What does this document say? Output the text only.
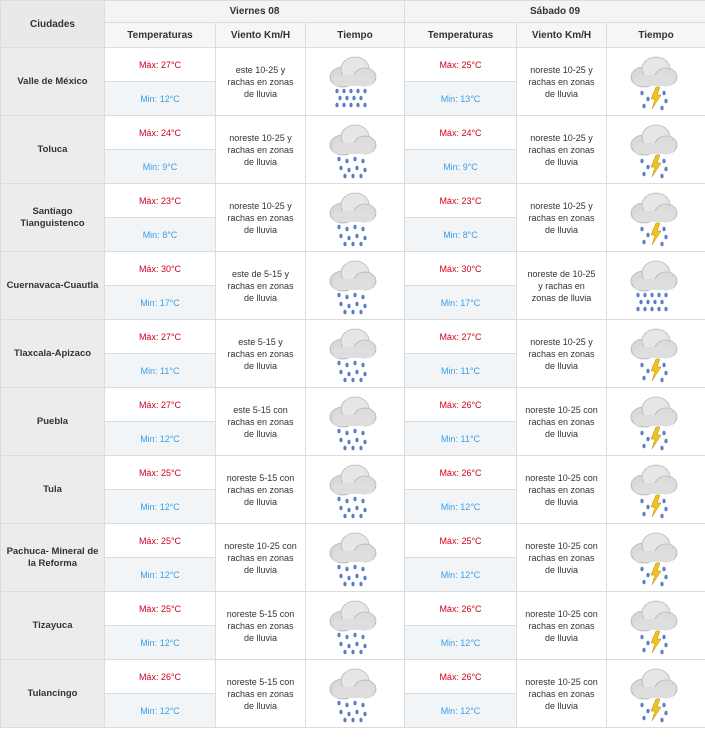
Ciudades	Viernes 08			Sábado 09		
	Temperaturas	Viento Km/H	Tiempo	Temperaturas	Viento Km/H	Tiempo
Valle de México	Máx: 27°C	este 10-25 y rachas en zonas de lluvia		Máx: 25°C	noreste 10-25 y rachas en zonas de lluvia	

	Min: 12°C			Min: 13°C		
Toluca	Máx: 24°C	noreste 10-25 y rachas en zonas de lluvia		Máx: 24°C	noreste 10-25 y rachas en zonas de lluvia	

	Min: 9°C			Min: 9°C		
Santiago Tianguistenco	Máx: 23°C	noreste 10-25 y rachas en zonas de lluvia		Máx: 23°C	noreste 10-25 y rachas en zonas de lluvia	

	Min: 8°C			Min: 8°C		
Cuernavaca-Cuautla	Máx: 30°C	este de 5-15 y rachas en zonas de lluvia		Máx: 30°C	noreste de 10-25 y rachas en zonas de lluvia	

	Min: 17°C			Min: 17°C		
Tlaxcala-Apizaco	Máx: 27°C	este 5-15 y rachas en zonas de lluvia		Máx: 27°C	noreste 10-25 y rachas en zonas de lluvia	

	Min: 11°C			Min: 11°C		
Puebla	Máx: 27°C	este 5-15 con rachas en zonas de lluvia		Máx: 26°C	noreste 10-25 con rachas en zonas de lluvia	

	Min: 12°C			Min: 11°C		
Tula	Máx: 25°C	noreste 5-15 con rachas en zonas de lluvia		Máx: 26°C	noreste 10-25 con rachas en zonas de lluvia	

	Min: 12°C			Min: 12°C		
Pachuca- Mineral de la Reforma	Máx: 25°C	noreste 10-25 con rachas en zonas de lluvia		Máx: 25°C	noreste 10-25 con rachas en zonas de lluvia	

	Min: 12°C			Min: 12°C		
Tizayuca	Máx: 25°C	noreste 5-15 con rachas en zonas de lluvia		Máx: 26°C	noreste 10-25 con rachas en zonas de lluvia	

	Min: 12°C			Min: 12°C		
Tulancingo	Máx: 26°C	noreste 5-15 con rachas en zonas de lluvia		Máx: 26°C	noreste 10-25 con rachas en zonas de lluvia	

	Min: 12°C			Min: 12°C		
